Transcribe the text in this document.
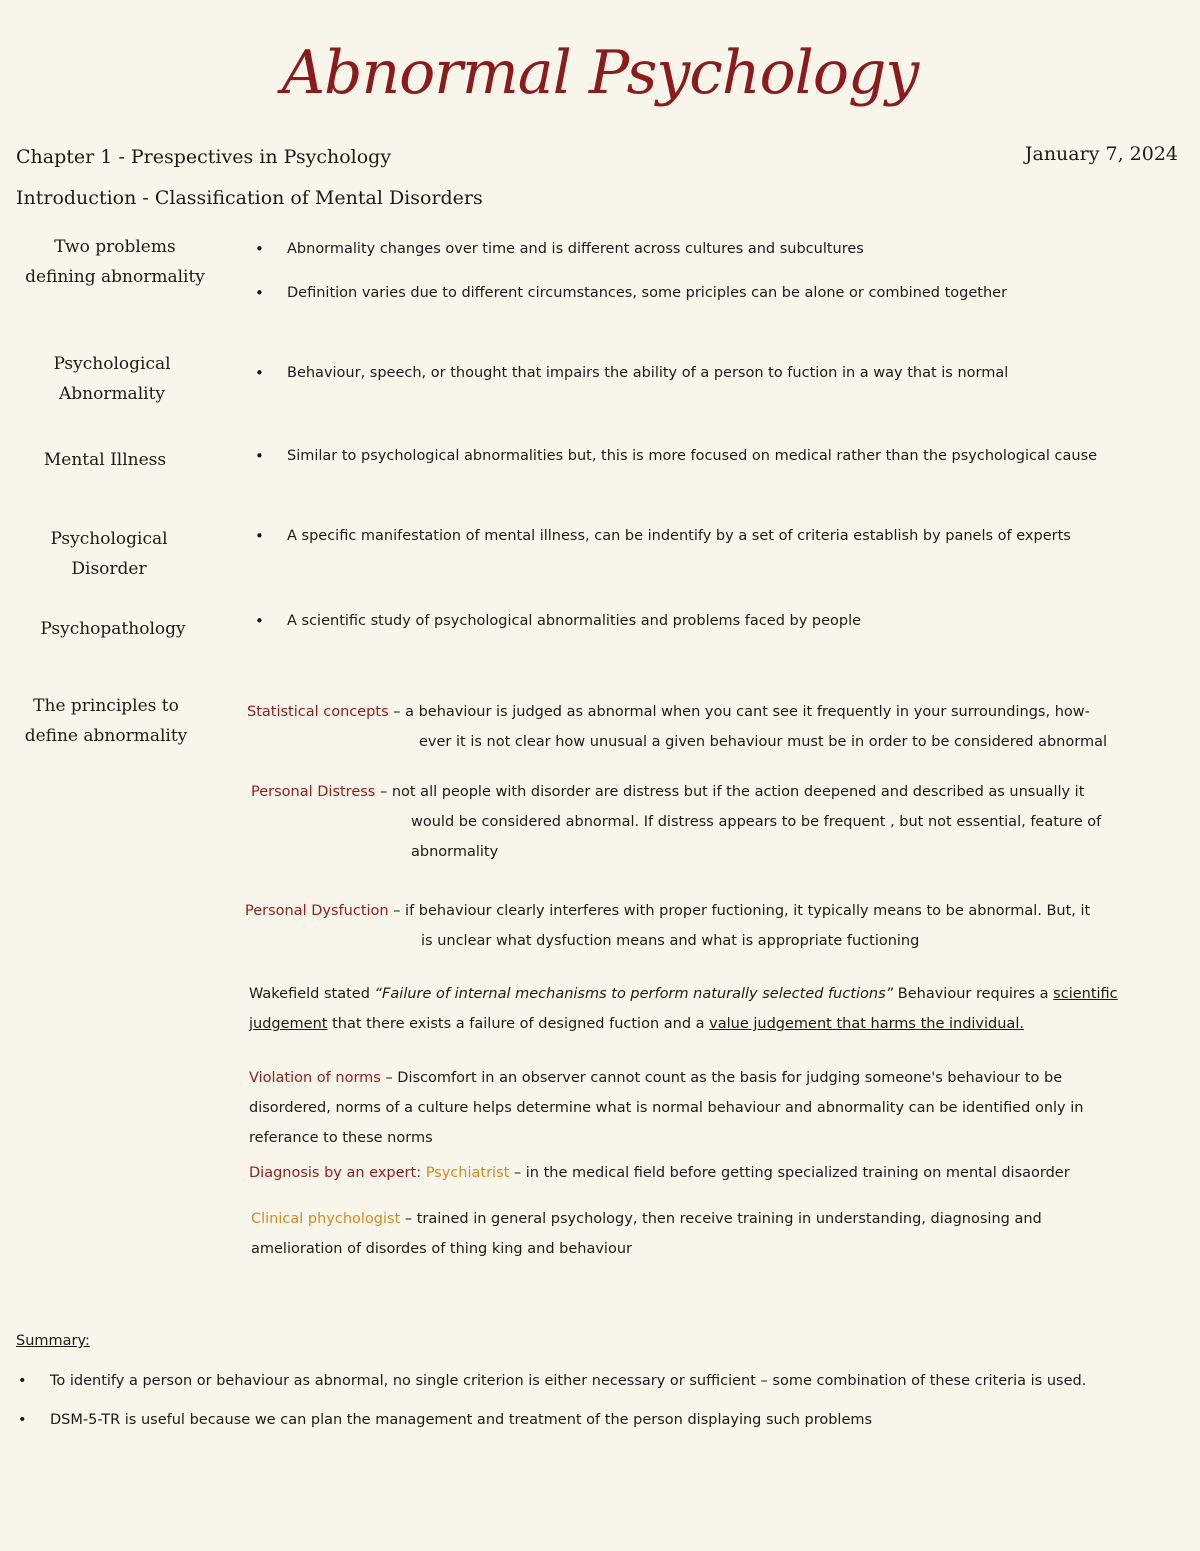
Abnormal Psychology
Chapter 1 - Prespectives in Psychology	January 7, 2024
Introduction - Classification of Mental Disorders
Two problems defining abnormality
• Abnormality changes over time and is different across cultures and subcultures
• Definition varies due to different circumstances, some priciples can be alone or combined together
Psychological Abnormality
• Behaviour, speech, or thought that impairs the ability of a person to fuction in a way that is normal
Mental Illness	• Similar to psychological abnormalities but, this is more focused on medical rather than the psychological cause
Psychological Disorder
• A specific manifestation of mental illness, can be indentify by a set of criteria establish by panels of experts
Psychopathology	• A scientific study of psychological abnormalities and problems faced by people
The principles to define abnormality
Statistical concepts – a behaviour is judged as abnormal when you cant see it frequently in your surroundings, how-
ever it is not clear how unusual a given behaviour must be in order to be considered abnormal
Personal Distress – not all people with disorder are distress but if the action deepened and described as unsually it
would be considered abnormal. If distress appears to be frequent , but not essential, feature of
abnormality
Personal Dysfuction – if behaviour clearly interferes with proper fuctioning, it typically means to be abnormal. But, it
is unclear what dysfuction means and what is appropriate fuctioning
Wakefield stated “Failure of internal mechanisms to perform naturally selected fuctions” Behaviour requires a scientific
judgement that there exists a failure of designed fuction and a value judgement that harms the individual.
Violation of norms – Discomfort in an observer cannot count as the basis for judging someone's behaviour to be
disordered, norms of a culture helps determine what is normal behaviour and abnormality can be identified only in
referance to these norms
Diagnosis by an expert: Psychiatrist – in the medical field before getting specialized training on mental disaorder
Clinical phychologist – trained in general psychology, then receive training in understanding, diagnosing and
amelioration of disordes of thing king and behaviour
Summary:
• To identify a person or behaviour as abnormal, no single criterion is either necessary or sufficient – some combination of these criteria is used.
• DSM-5-TR is useful because we can plan the management and treatment of the person displaying such problems
